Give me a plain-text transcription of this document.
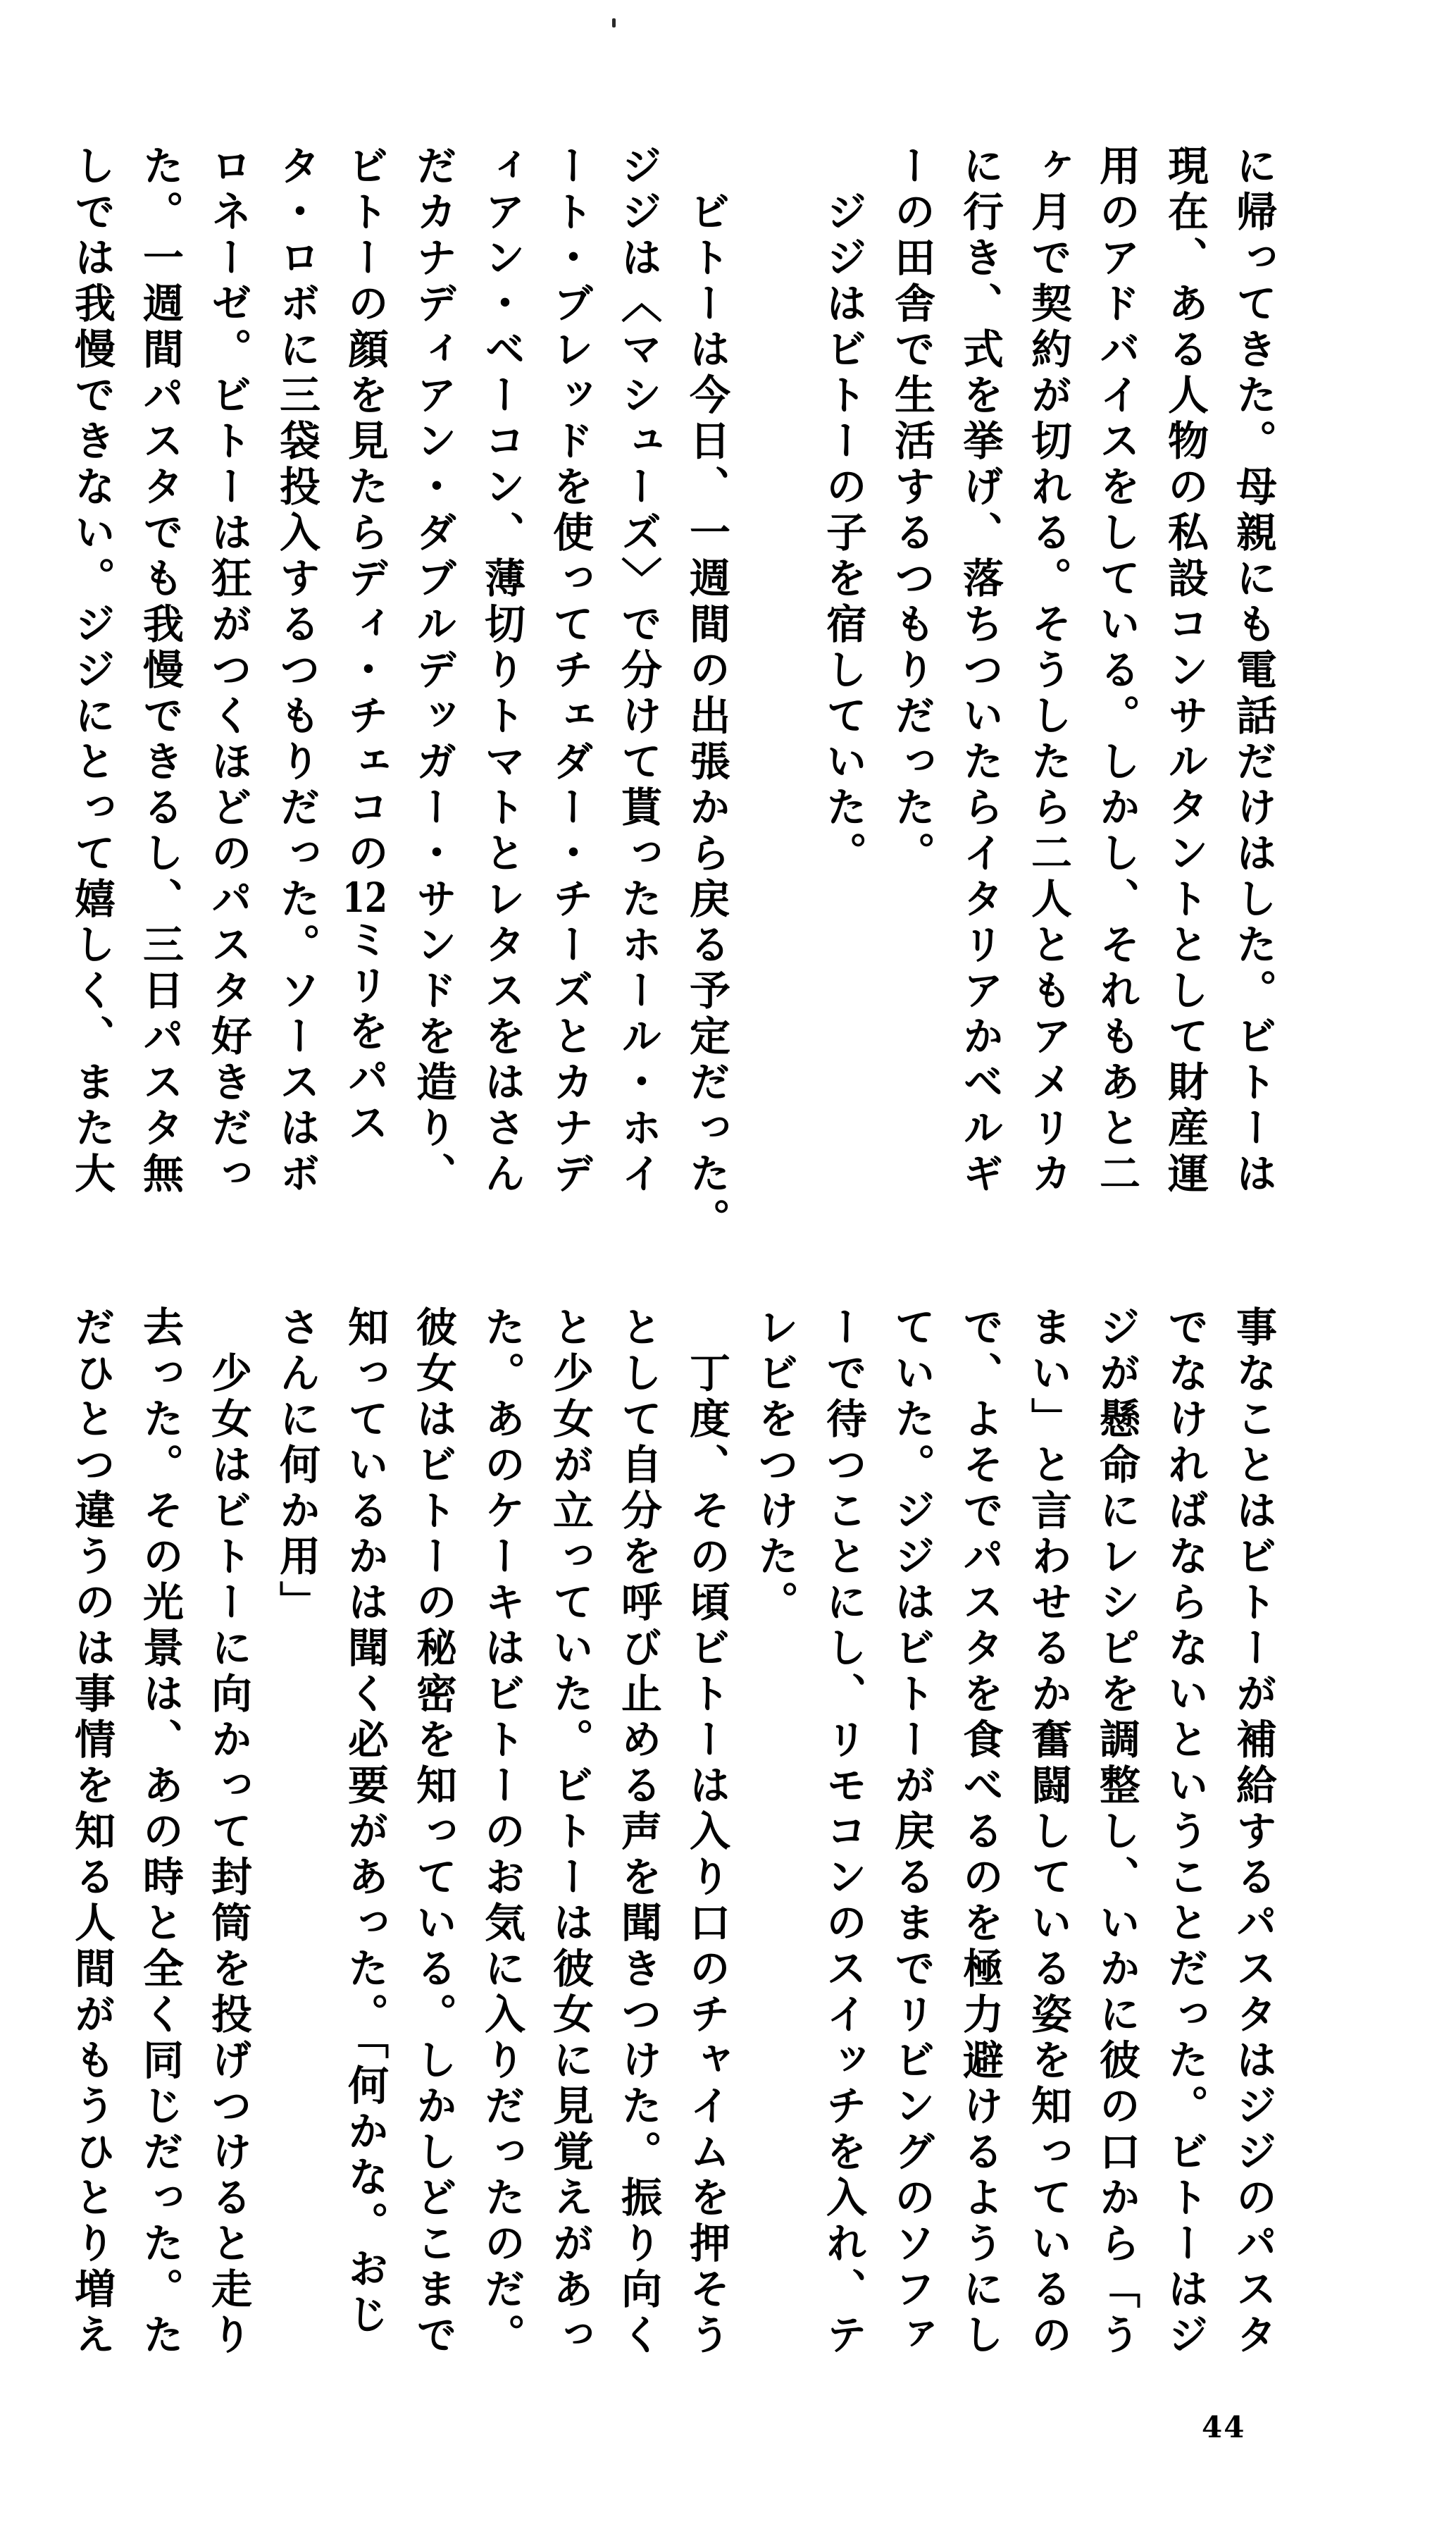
に帰ってきた。母親にも電話だけはした。ビトーは
現在、ある人物の私設コンサルタントとして財産運
用のアドバイスをしている。しかし、それもあと二
ヶ月で契約が切れる。そうしたら二人ともアメリカ
に行き、式を挙げ、落ちついたらイタリアかベルギ
ーの田舎で生活するつもりだった。
　ジジはビトーの子を宿していた。

　ビトーは今日、一週間の出張から戻る予定だった。
ジジは〈マシューズ〉で分けて貰ったホール・ホイ
ート・ブレッドを使ってチェダー・チーズとカナデ
ィアン・ベーコン、薄切りトマトとレタスをはさん
だカナディアン・ダブルデッガー・サンドを造り、
ビトーの顔を見たらディ・チェコの12ミリをパス
タ・ロボに三袋投入するつもりだった。ソースはボ
ロネーゼ。ビトーは狂がつくほどのパスタ好きだっ
た。一週間パスタでも我慢できるし、三日パスタ無
しでは我慢できない。ジジにとって嬉しく、また大
事なことはビトーが補給するパスタはジジのパスタ
でなければならないということだった。ビトーはジ
ジが懸命にレシピを調整し、いかに彼の口から「う
まい」と言わせるか奮闘している姿を知っているの
で、よそでパスタを食べるのを極力避けるようにし
ていた。ジジはビトーが戻るまでリビングのソファ
ーで待つことにし、リモコンのスイッチを入れ、テ
レビをつけた。
　丁度、その頃ビトーは入り口のチャイムを押そう
として自分を呼び止める声を聞きつけた。振り向く
と少女が立っていた。ビトーは彼女に見覚えがあっ
た。あのケーキはビトーのお気に入りだったのだ。
彼女はビトーの秘密を知っている。しかしどこまで
知っているかは聞く必要があった。「何かな。おじ
さんに何か用」
　少女はビトーに向かって封筒を投げつけると走り
去った。その光景は、あの時と全く同じだった。た
だひとつ違うのは事情を知る人間がもうひとり増え
44
